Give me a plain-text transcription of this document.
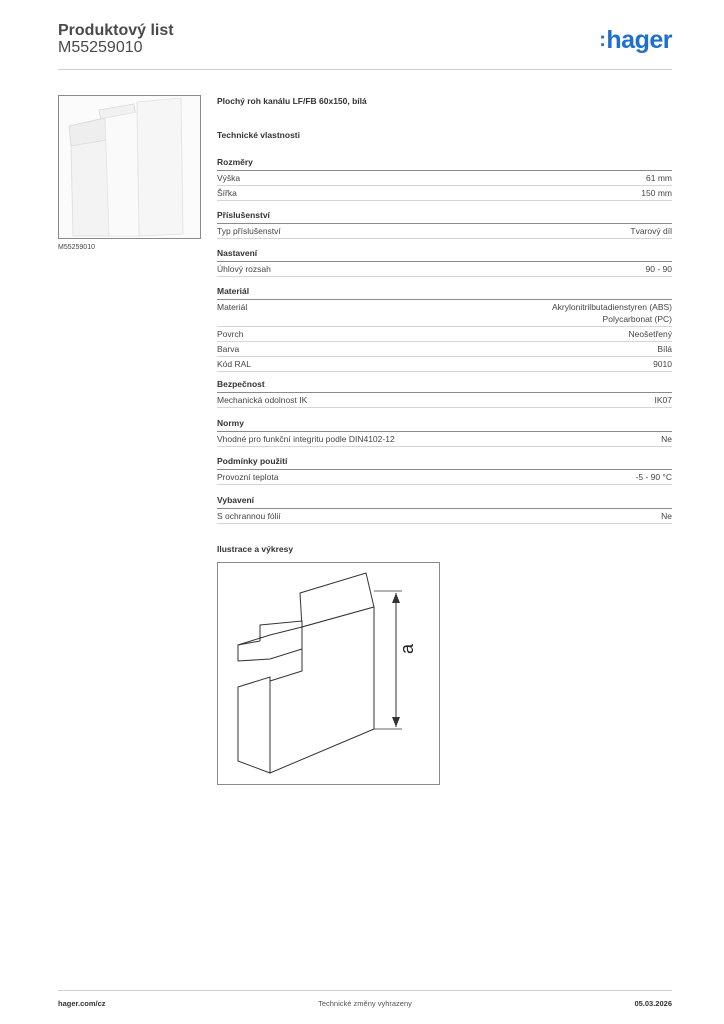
Produktový list
M55259010	:hager
M55259010
Plochý roh kanálu LF/FB 60x150, bílá
Technické vlastnosti
Rozměry
Výška	61 mm
Šířka	150 mm
Příslušenství
Typ příslušenství	Tvarový díl
Nastavení
Úhlový rozsah	90 - 90
Materiál
Materiál	Akrylonitrilbutadienstyren (ABS)
Polycarbonat (PC)
Povrch	Neošetřený
Barva	Bílá
Kód RAL	9010
Bezpečnost
Mechanická odolnost IK	IK07
Normy
Vhodné pro funkční integritu podle DIN4102-12	Ne
Podmínky použití
Provozní teplota	-5 - 90 °C
Vybavení
S ochrannou fólií	Ne
Ilustrace a výkresy
a
hager.com/cz	Technické změny vyhrazeny	05.03.2026
